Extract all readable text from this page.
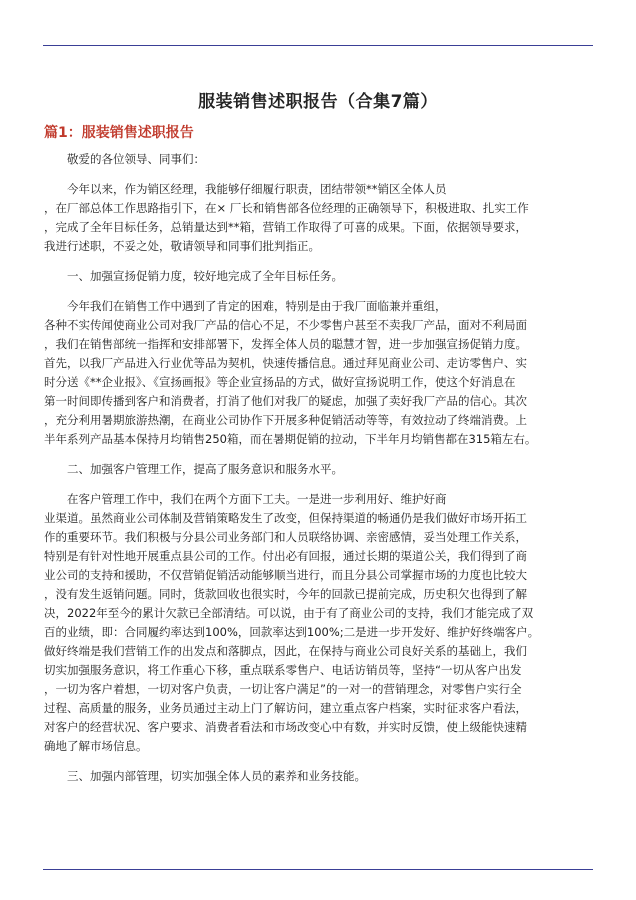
服装销售述职报告（合集7篇）
篇1：服装销售述职报告
　　敬爱的各位领导、同事们：
　　今年以来，作为销区经理，我能够仔细履行职责，团结带领**销区全体人员
，在厂部总体工作思路指引下，在× 厂长和销售部各位经理的正确领导下，积极进取、扎实工作
，完成了全年目标任务，总销量达到**箱，营销工作取得了可喜的成果。下面，依据领导要求，
我进行述职，不妥之处，敬请领导和同事们批判指正。
　　一、加强宣扬促销力度，较好地完成了全年目标任务。
　　今年我们在销售工作中遇到了肯定的困难，特别是由于我厂面临兼并重组，
各种不实传闻使商业公司对我厂产品的信心不足，不少零售户甚至不卖我厂产品，面对不利局面
，我们在销售部统一指挥和安排部署下，发挥全体人员的聪慧才智，进一步加强宣扬促销力度。
首先，以我厂产品进入行业优等品为契机，快速传播信息。通过拜见商业公司、走访零售户、实
时分送《**企业报》、《宣扬画报》等企业宣扬品的方式，做好宣扬说明工作，使这个好消息在
第一时间即传播到客户和消费者，打消了他们对我厂的疑虑，加强了卖好我厂产品的信心。其次
，充分利用暑期旅游热潮，在商业公司协作下开展多种促销活动等等，有效拉动了终端消费。上
半年系列产品基本保持月均销售250箱，而在暑期促销的拉动，下半年月均销售都在315箱左右。
　　二、加强客户管理工作，提高了服务意识和服务水平。
　　在客户管理工作中，我们在两个方面下工夫。一是进一步利用好、维护好商
业渠道。虽然商业公司体制及营销策略发生了改变，但保持渠道的畅通仍是我们做好市场开拓工
作的重要环节。我们积极与分县公司业务部门和人员联络协调、亲密感情，妥当处理工作关系，
特别是有针对性地开展重点县公司的工作。付出必有回报，通过长期的渠道公关，我们得到了商
业公司的支持和援助，不仅营销促销活动能够顺当进行，而且分县公司掌握市场的力度也比较大
，没有发生返销问题。同时，货款回收也很实时，今年的回款已提前完成，历史积欠也得到了解
决，2022年至今的累计欠款已全部清结。可以说，由于有了商业公司的支持，我们才能完成了双
百的业绩，即：合同履约率达到100%，回款率达到100%;二是进一步开发好、维护好终端客户。
做好终端是我们营销工作的出发点和落脚点，因此，在保持与商业公司良好关系的基础上，我们
切实加强服务意识，将工作重心下移，重点联系零售户、电话访销员等，坚持“一切从客户出发
，一切为客户着想，一切对客户负责，一切让客户满足”的一对一的营销理念，对零售户实行全
过程、高质量的服务，业务员通过主动上门了解访问，建立重点客户档案，实时征求客户看法，
对客户的经营状况、客户要求、消费者看法和市场改变心中有数，并实时反馈，使上级能快速精
确地了解市场信息。
　　三、加强内部管理，切实加强全体人员的素养和业务技能。
